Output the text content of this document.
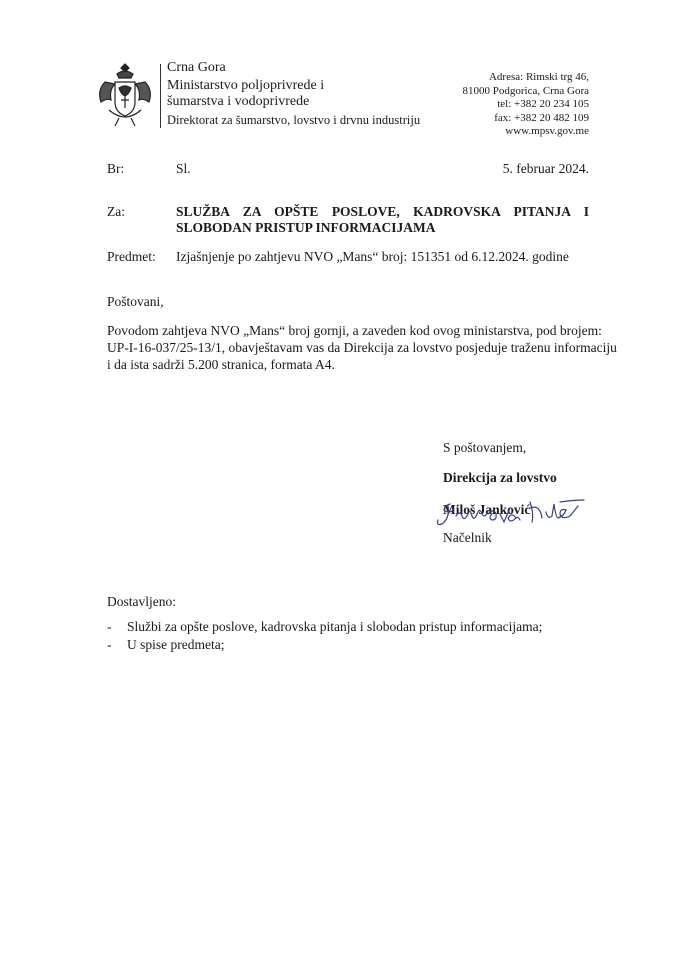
Crna Gora
Ministarstvo poljoprivrede i
šumarstva i vodoprivrede
Direktorat za šumarstvo, lovstvo i drvnu industriju
Adresa: Rimski trg 46,
81000 Podgorica, Crna Gora
tel: +382 20 234 105
fax: +382 20 482 109
www.mpsv.gov.me
Br:	Sl.	5. februar 2024.
Za:	SLUŽBA ZA OPŠTE POSLOVE, KADROVSKA PITANJA I
SLOBODAN PRISTUP INFORMACIJAMA
Predmet: Izjašnjenje po zahtjevu NVO „Mans“ broj: 151351 od 6.12.2024. godine
Poštovani,
Povodom zahtjeva NVO „Mans“ broj gornji, a zaveden kod ovog ministarstva, pod brojem:
UP-I-16-037/25-13/1, obavještavam vas da Direkcija za lovstvo posjeduje traženu informaciju
i da ista sadrži 5.200 stranica, formata A4.
S poštovanjem,
Direkcija za lovstvo
Miloš Janković
Načelnik
Dostavljeno:
- Službi za opšte poslove, kadrovska pitanja i slobodan pristup informacijama;
- U spise predmeta;
